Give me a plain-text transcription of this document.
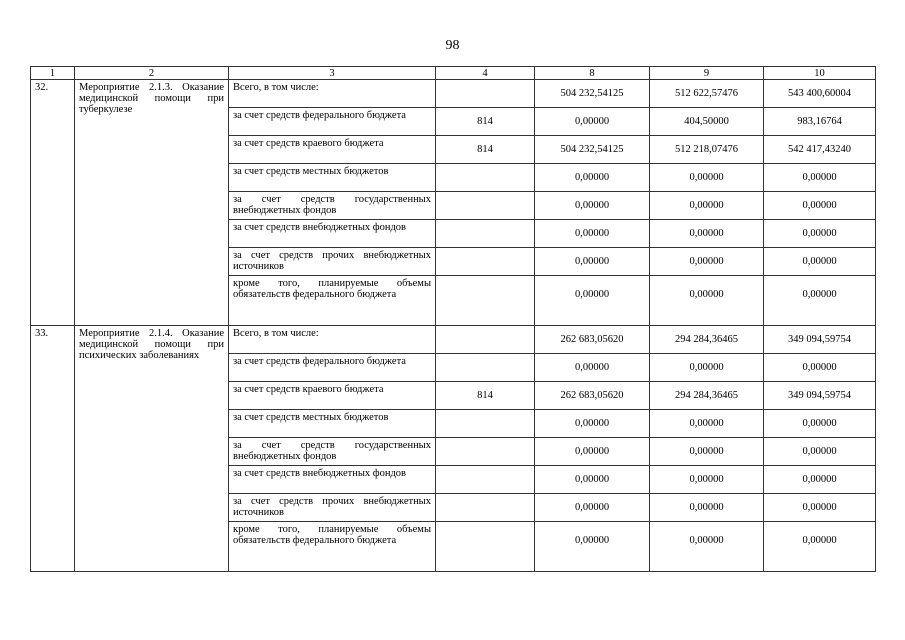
98
1	2	3	4	8	9	10
32.	Мероприятие 2.1.3. Оказание медицинской помощи при туберкулезе	Всего, в том числе:		504 232,54125	512 622,57476	543 400,60004
		за счет средств федерального бюджета	814	0,00000	404,50000	983,16764
		за счет средств краевого бюджета	814	504 232,54125	512 218,07476	542 417,43240
		за счет средств местных бюджетов		0,00000	0,00000	0,00000
		за счет средств государственных внебюджетных фондов		0,00000	0,00000	0,00000
		за счет средств внебюджетных фондов		0,00000	0,00000	0,00000
		за счет средств прочих внебюджетных источников		0,00000	0,00000	0,00000
		кроме того, планируемые объемы обязательств федерального бюджета		0,00000	0,00000	0,00000
33.	Мероприятие 2.1.4. Оказание медицинской помощи при психических заболеваниях	Всего, в том числе:		262 683,05620	294 284,36465	349 094,59754
		за счет средств федерального бюджета		0,00000	0,00000	0,00000
		за счет средств краевого бюджета	814	262 683,05620	294 284,36465	349 094,59754
		за счет средств местных бюджетов		0,00000	0,00000	0,00000
		за счет средств государственных внебюджетных фондов		0,00000	0,00000	0,00000
		за счет средств внебюджетных фондов		0,00000	0,00000	0,00000
		за счет средств прочих внебюджетных источников		0,00000	0,00000	0,00000
		кроме того, планируемые объемы обязательств федерального бюджета		0,00000	0,00000	0,00000
